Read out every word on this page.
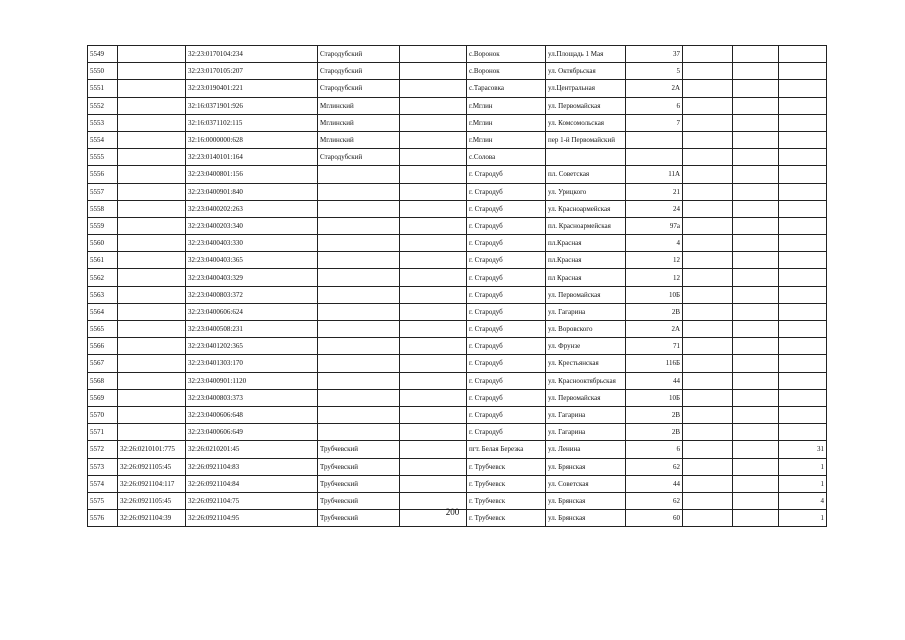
5549		32:23:0170104:234	Стародубский		с.Воронок	ул.Площадь 1 Мая	37			
5550		32:23:0170105:207	Стародубский		с.Воронок	ул. Октябрьская	5			
5551		32:23:0190401:221	Стародубский		с.Тарасовка	ул.Центральная	2А			
5552		32:16:0371901:926	Мглинский		г.Мглин	ул. Первомайская	6			
5553		32:16:0371102:115	Мглинский		г.Мглин	ул. Комсомольская	7			
5554		32:16:0000000:628	Мглинский		г.Мглин	пер 1-й Первомайский				
5555		32:23:0140101:164	Стародубский		с.Солова					
5556		32:23:0400801:156			г. Стародуб	пл. Советская	11А			
5557		32:23:0400901:840			г. Стародуб	ул. Урицкого	21			
5558		32:23:0400202:263			г. Стародуб	ул. Красноармейская	24			
5559		32:23:0400203:340			г. Стародуб	пл. Красноармейская	97а			
5560		32:23:0400403:330			г. Стародуб	пл.Красная	4			
5561		32:23:0400403:365			г. Стародуб	пл.Красная	12			
5562		32:23:0400403:329			г. Стародуб	пл Красная	12			
5563		32:23:0400803:372			г. Стародуб	ул. Первомайская	10Б			
5564		32:23:0400606:624			г. Стародуб	ул. Гагарина	2В			
5565		32:23:0400508:231			г. Стародуб	ул. Воровского	2А			
5566		32:23:0401202:365			г. Стародуб	ул. Фрунзе	71			
5567		32:23:0401303:170			г. Стародуб	ул. Крестьянская	116Б			
5568		32:23:0400901:1120			г. Стародуб	ул. Краснооктябрьская	44			
5569		32:23:0400803:373			г. Стародуб	ул. Первомайская	10Б			
5570		32:23:0400606:648			г. Стародуб	ул. Гагарина	2В			
5571		32:23:0400606:649			г. Стародуб	ул. Гагарина	2В			
5572	32:26:0210101:775	32:26:0210201:45	Трубчевский		пгт. Белая Березка	ул. Ленина	6			31
5573	32:26:0921105:45	32:26:0921104:83	Трубчевский		г. Трубчевск	ул. Брянская	62			1
5574	32:26:0921104:117	32:26:0921104:84	Трубчевский		г. Трубчевск	ул. Советская	44			1
5575	32:26:0921105:45	32:26:0921104:75	Трубчевский		г. Трубчевск	ул. Брянская	62			4
5576	32:26:0921104:39	32:26:0921104:95	Трубчевский		г. Трубчевск	ул. Брянская	60			1
200
